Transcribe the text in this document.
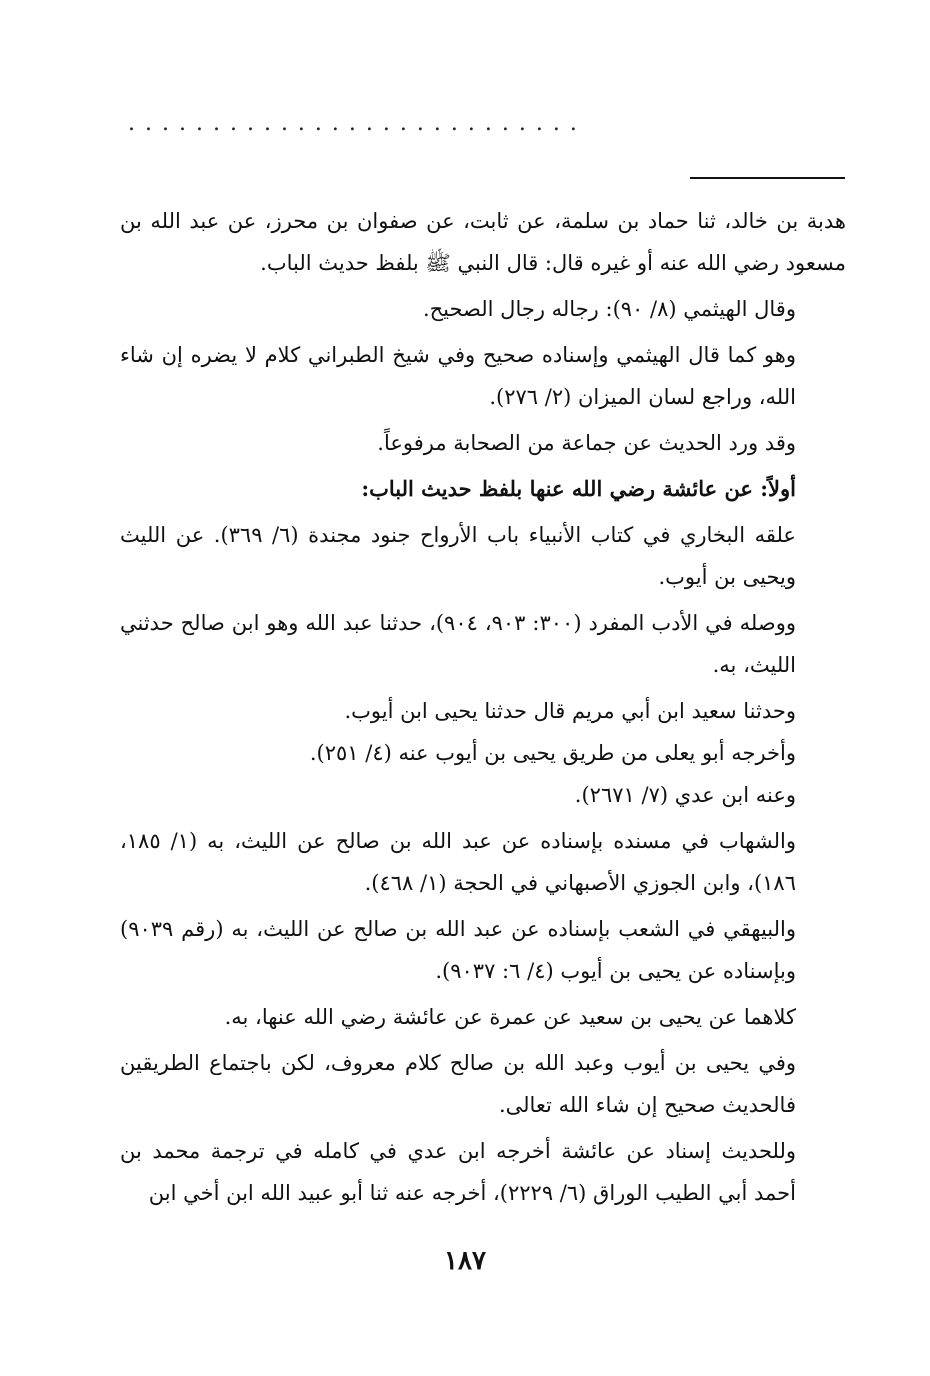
...........................

هدبة بن خالد، ثنا حماد بن سلمة، عن ثابت، عن صفوان بن محرز، عن عبد الله بن مسعود رضي الله عنه أو غيره قال: قال النبي ﷺ بلفظ حديث الباب.

وقال الهيثمي (٨/ ٩٠): رجاله رجال الصحيح.

وهو كما قال الهيثمي وإسناده صحيح وفي شيخ الطبراني كلام لا يضره إن شاء الله، وراجع لسان الميزان (٢/ ٢٧٦).

وقد ورد الحديث عن جماعة من الصحابة مرفوعاً.

أولاً: عن عائشة رضي الله عنها بلفظ حديث الباب:

علقه البخاري في كتاب الأنبياء باب الأرواح جنود مجندة (٦/ ٣٦٩). عن الليث ويحيى بن أيوب.

ووصله في الأدب المفرد (٣٠٠: ٩٠٣، ٩٠٤)، حدثنا عبد الله وهو ابن صالح حدثني الليث، به.

وحدثنا سعيد ابن أبي مريم قال حدثنا يحيى ابن أيوب.

وأخرجه أبو يعلى من طريق يحيى بن أيوب عنه (٤/ ٢٥١).

وعنه ابن عدي (٧/ ٢٦٧١).

والشهاب في مسنده بإسناده عن عبد الله بن صالح عن الليث، به (١/ ١٨٥، ١٨٦)، وابن الجوزي الأصبهاني في الحجة (١/ ٤٦٨).

والبيهقي في الشعب بإسناده عن عبد الله بن صالح عن الليث، به (رقم ٩٠٣٩) وبإسناده عن يحيى بن أيوب (٤/ ٦: ٩٠٣٧).

كلاهما عن يحيى بن سعيد عن عمرة عن عائشة رضي الله عنها، به.

وفي يحيى بن أيوب وعبد الله بن صالح كلام معروف، لكن باجتماع الطريقين فالحديث صحيح إن شاء الله تعالى.

وللحديث إسناد عن عائشة أخرجه ابن عدي في كامله في ترجمة محمد بن أحمد أبي الطيب الوراق (٦/ ٢٢٢٩)، أخرجه عنه ثنا أبو عبيد الله ابن أخي ابن

١٨٧
